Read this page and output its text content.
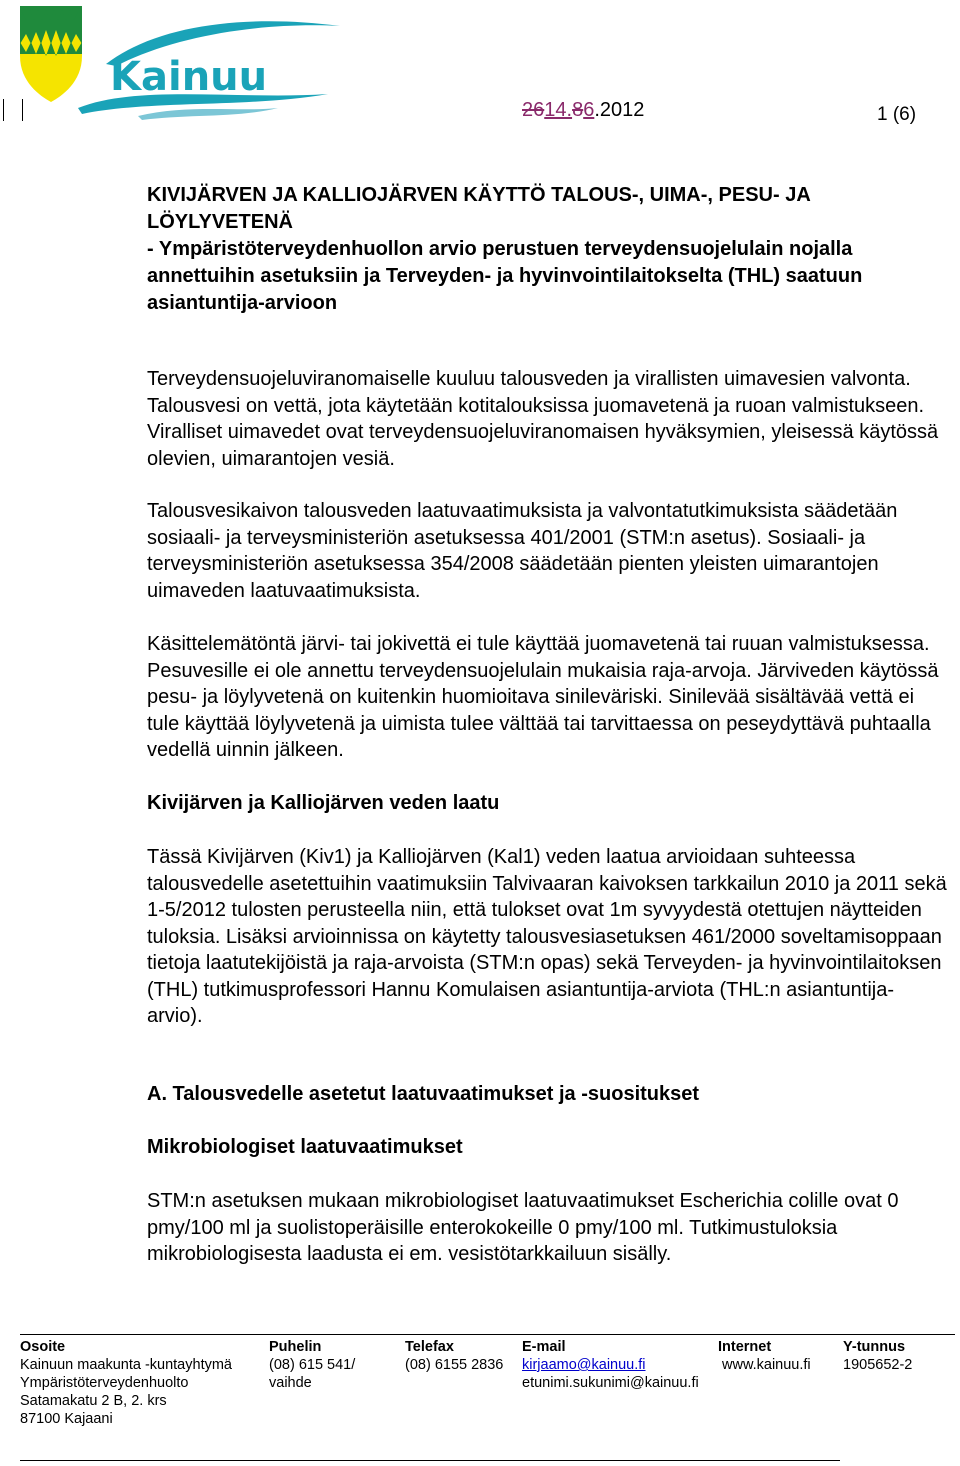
Kainuu
2614.86.2012	1 (6)

KIVIJÄRVEN JA KALLIOJÄRVEN KÄYTTÖ TALOUS-, UIMA-, PESU- JA LÖYLYVETENÄ

- Ympäristöterveydenhuollon arvio perustuen terveydensuojelulain nojalla annettuihin asetuksiin ja Terveyden- ja hyvinvointilaitokselta (THL) saatuun asiantuntija-arvioon

Terveydensuojeluviranomaiselle kuuluu talousveden ja virallisten uimavesien valvonta. Talousvesi on vettä, jota käytetään kotitalouksissa juomavetenä ja ruoan valmistukseen. Viralliset uimavedet ovat terveydensuojeluviranomaisen hyväksymien, yleisessä käytössä olevien, uimarantojen vesiä.

Talousvesikaivon talousveden laatuvaatimuksista ja valvontatutkimuksista säädetään sosiaali- ja terveysministeriön asetuksessa 401/2001 (STM:n asetus). Sosiaali- ja terveysministeriön asetuksessa 354/2008 säädetään pienten yleisten uimarantojen uimaveden laatuvaatimuksista.

Käsittelemätöntä järvi- tai jokivettä ei tule käyttää juomavetenä tai ruuan valmistuksessa. Pesuvesille ei ole annettu terveydensuojelulain mukaisia raja-arvoja. Järviveden käytössä pesu- ja löylyvetenä on kuitenkin huomioitava sinileväriski. Sinilevää sisältävää vettä ei tule käyttää löylyvetenä ja uimista tulee välttää tai tarvittaessa on peseydyttävä puhtaalla vedellä uinnin jälkeen.

Kivijärven ja Kalliojärven veden laatu

Tässä Kivijärven (Kiv1) ja Kalliojärven (Kal1) veden laatua arvioidaan suhteessa talousvedelle asetettuihin vaatimuksiin Talvivaaran kaivoksen tarkkailun 2010 ja 2011 sekä 1-5/2012 tulosten perusteella niin, että tulokset ovat 1m syvyydestä otettujen näytteiden tuloksia. Lisäksi arvioinnissa on käytetty talousvesiasetuksen 461/2000 soveltamisoppaan tietoja laatutekijöistä ja raja-arvoista (STM:n opas) sekä Terveyden- ja hyvinvointilaitoksen (THL) tutkimusprofessori Hannu Komulaisen asiantuntija-arviota (THL:n asiantuntija-arvio).

A. Talousvedelle asetetut laatuvaatimukset ja -suositukset
Mikrobiologiset laatuvaatimukset

STM:n asetuksen mukaan mikrobiologiset laatuvaatimukset Escherichia colille ovat 0 pmy/100 ml ja suolistoperäisille enterokokeille 0 pmy/100 ml. Tutkimustuloksia mikrobiologisesta laadusta ei em. vesistötarkkailuun sisälly.

Osoite
Kainuun maakunta -kuntayhtymä
Ympäristöterveydenhuolto
Satamakatu 2 B, 2. krs
87100 Kajaani
Puhelin
(08) 615 541/
vaihde
Telefax
(08) 6155 2836
E-mail
kirjaamo@kainuu.fi
etunimi.sukunimi@kainuu.fi
Internet
www.kainuu.fi
Y-tunnus
1905652-2
